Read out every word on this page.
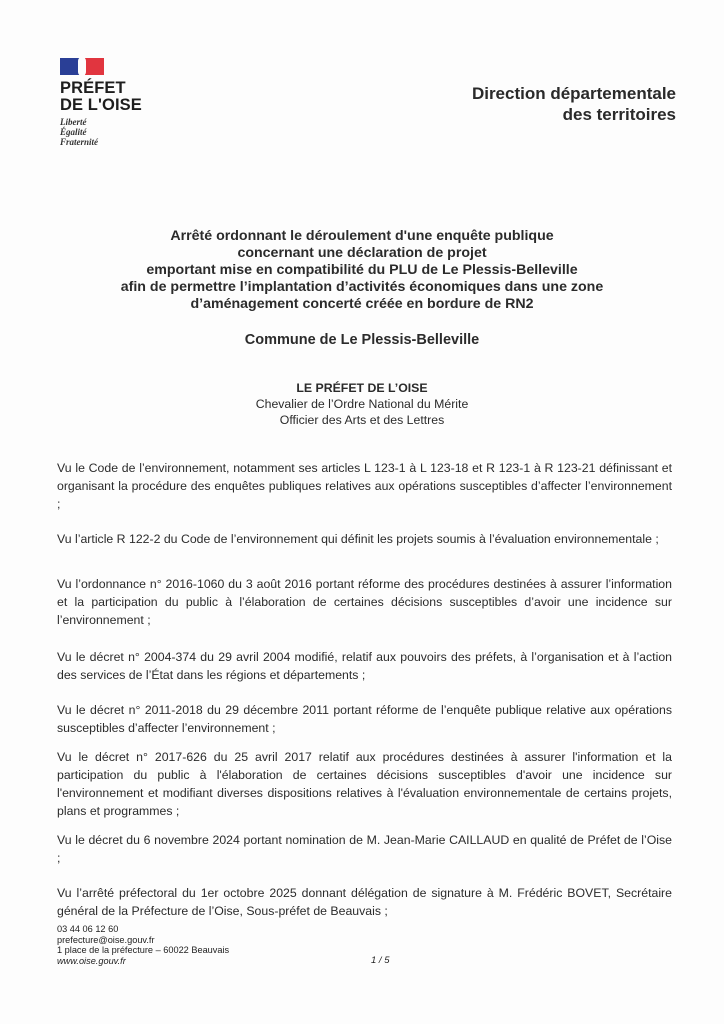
PRÉFET
DE L'OISE
Liberté
Égalité
Fraternité
Direction départementale
des territoires
Arrêté ordonnant le déroulement d'une enquête publique
concernant une déclaration de projet
emportant mise en compatibilité du PLU de Le Plessis-Belleville
afin de permettre l’implantation d’activités économiques dans une zone
d’aménagement concerté créée en bordure de RN2
Commune de Le Plessis-Belleville
LE PRÉFET DE L’OISE
Chevalier de l’Ordre National du Mérite
Officier des Arts et des Lettres
Vu le Code de l’environnement, notamment ses articles L 123-1 à L 123-18 et R 123-1 à R 123-21 définissant et organisant la procédure des enquêtes publiques relatives aux opérations susceptibles d’affecter l’environnement ;
Vu l’article R 122-2 du Code de l’environnement qui définit les projets soumis à l’évaluation environnementale ;
Vu l’ordonnance n° 2016-1060 du 3 août 2016 portant réforme des procédures destinées à assurer l’information et la participation du public à l’élaboration de certaines décisions susceptibles d’avoir une incidence sur l’environnement ;
Vu le décret n° 2004-374 du 29 avril 2004 modifié, relatif aux pouvoirs des préfets, à l’organisation et à l’action des services de l’État dans les régions et départements ;
Vu le décret n° 2011-2018 du 29 décembre 2011 portant réforme de l’enquête publique relative aux opérations susceptibles d’affecter l’environnement ;
Vu le décret n° 2017-626 du 25 avril 2017 relatif aux procédures destinées à assurer l'information et la participation du public à l'élaboration de certaines décisions susceptibles d'avoir une incidence sur l'environnement et modifiant diverses dispositions relatives à l'évaluation environnementale de certains projets, plans et programmes ;
Vu le décret du 6 novembre 2024 portant nomination de M. Jean-Marie CAILLAUD en qualité de Préfet de l’Oise ;
Vu l’arrêté préfectoral du 1er octobre 2025 donnant délégation de signature à M. Frédéric BOVET, Secrétaire général de la Préfecture de l’Oise, Sous-préfet de Beauvais ;
03 44 06 12 60
prefecture@oise.gouv.fr
1 place de la préfecture – 60022 Beauvais
www.oise.gouv.fr	1 / 5
